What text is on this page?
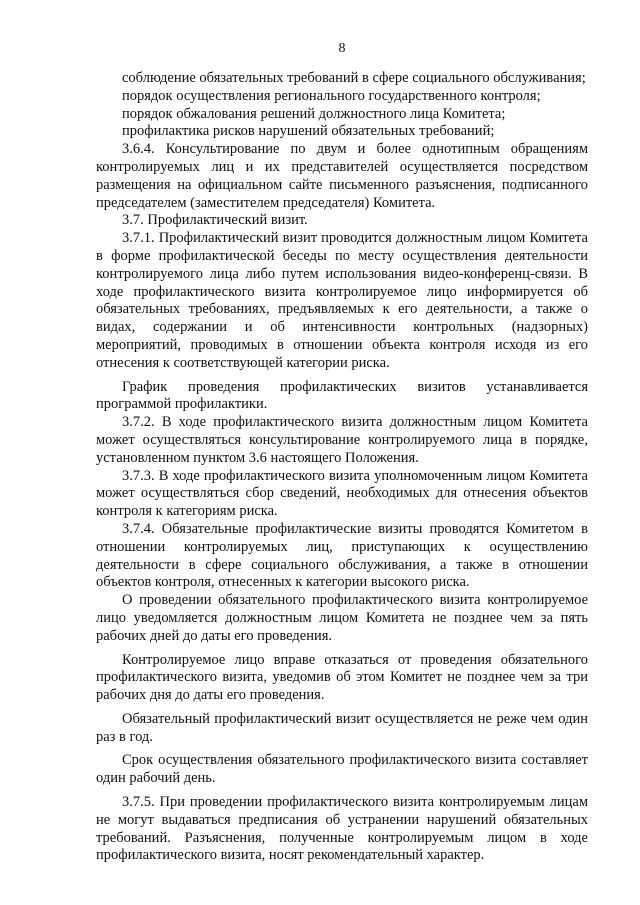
8

соблюдение обязательных требований в сфере социального обслуживания;

порядок осуществления регионального государственного контроля;

порядок обжалования решений должностного лица Комитета;

профилактика рисков нарушений обязательных требований;

3.6.4. Консультирование по двум и более однотипным обращениям контролируемых лиц и их представителей осуществляется посредством размещения на официальном сайте письменного разъяснения, подписанного председателем (заместителем председателя) Комитета.

3.7. Профилактический визит.

3.7.1. Профилактический визит проводится должностным лицом Комитета в форме профилактической беседы по месту осуществления деятельности контролируемого лица либо путем использования видео-конференц-связи. В ходе профилактического визита контролируемое лицо информируется об обязательных требованиях, предъявляемых к его деятельности, а также о видах, содержании и об интенсивности контрольных (надзорных) мероприятий, проводимых в отношении объекта контроля исходя из его отнесения к соответствующей категории риска.

График проведения профилактических визитов устанавливается программой профилактики.

3.7.2. В ходе профилактического визита должностным лицом Комитета может осуществляться консультирование контролируемого лица в порядке, установленном пунктом 3.6 настоящего Положения.

3.7.3. В ходе профилактического визита уполномоченным лицом Комитета может осуществляться сбор сведений, необходимых для отнесения объектов контроля к категориям риска.

3.7.4. Обязательные профилактические визиты проводятся Комитетом в отношении контролируемых лиц, приступающих к осуществлению деятельности в сфере социального обслуживания, а также в отношении объектов контроля, отнесенных к категории высокого риска.

О проведении обязательного профилактического визита контролируемое лицо уведомляется должностным лицом Комитета не позднее чем за пять рабочих дней до даты его проведения.

Контролируемое лицо вправе отказаться от проведения обязательного профилактического визита, уведомив об этом Комитет не позднее чем за три рабочих дня до даты его проведения.

Обязательный профилактический визит осуществляется не реже чем один раз в год.

Срок осуществления обязательного профилактического визита составляет один рабочий день.

3.7.5. При проведении профилактического визита контролируемым лицам не могут выдаваться предписания об устранении нарушений обязательных требований. Разъяснения, полученные контролируемым лицом в ходе профилактического визита, носят рекомендательный характер.
